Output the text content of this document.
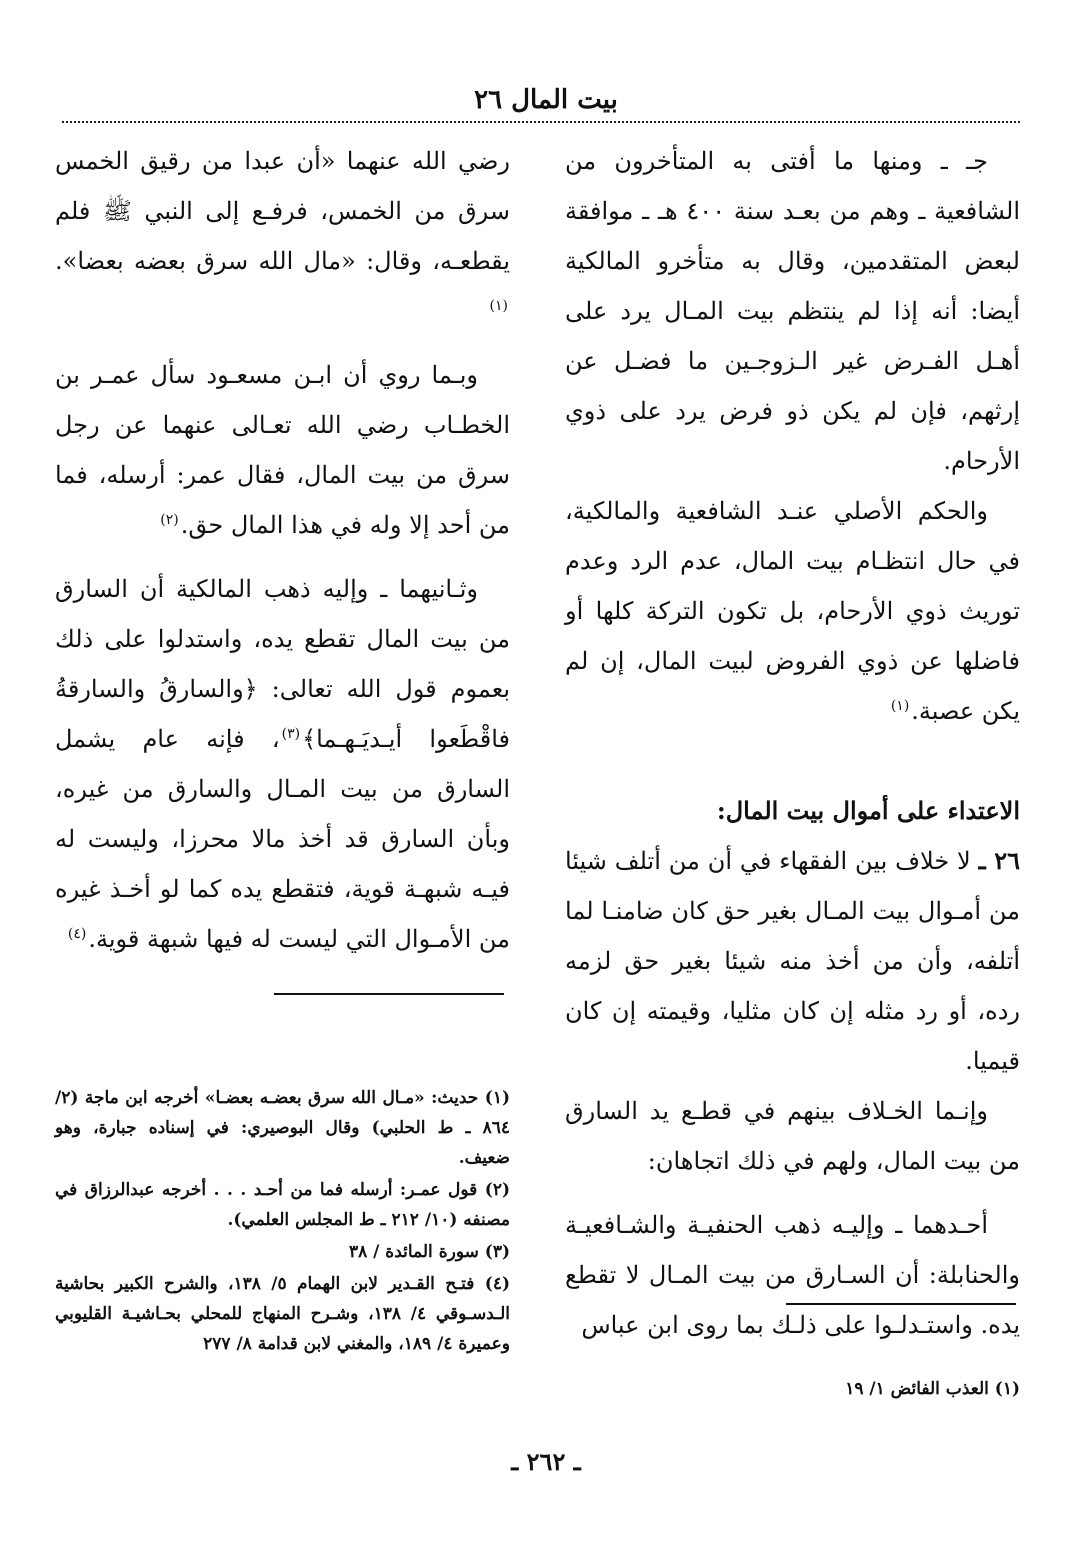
بيت المال ٢٦

جـ ـ ومنها ما أفتى به المتأخرون من الشافعية ـ وهم من بعـد سنة ٤٠٠ هـ ـ موافقة لبعض المتقدمين، وقال به متأخرو المالكية أيضا: أنه إذا لم ينتظم بيت المـال يرد على أهـل الفـرض غير الـزوجـين ما فضـل عن إرثهم، فإن لم يكن ذو فرض يرد على ذوي الأرحام.

والحكم الأصلي عنـد الشافعية والمالكية، في حال انتظـام بيت المال، عدم الرد وعدم توريث ذوي الأرحام، بل تكون التركة كلها أو فاضلها عن ذوي الفروض لبيت المال، إن لم يكن عصبة.$^{(١)}$

الاعتداء على أموال بيت المال:

٢٦ ـ لا خلاف بين الفقهاء في أن من أتلف شيئا من أمـوال بيت المـال بغير حق كان ضامنـا لما أتلفه، وأن من أخذ منه شيئا بغير حق لزمه رده، أو رد مثله إن كان مثليا، وقيمته إن كان قيميا.

وإنـما الخـلاف بينهم في قطـع يد السارق من بيت المال، ولهم في ذلك اتجاهان:

أحـدهما ـ وإليـه ذهب الحنفيـة والشـافعيـة والحنابلة: أن السـارق من بيت المـال لا تقطع يده. واستـدلـوا على ذلـك بما روى ابن عباس

رضي الله عنهما «أن عبدا من رقيق الخمس سرق من الخمس، فرفـع إلى النبي ﷺ فلم يقطعـه، وقال: «مال الله سرق بعضه بعضا».$^{(١)}$

وبـما روي أن ابـن مسعـود سأل عمـر بن الخطـاب رضي الله تعـالى عنهما عن رجل سرق من بيت المال، فقال عمر: أرسله، فما من أحد إلا وله في هذا المال حق.$^{(٢)}$

وثـانيهما ـ وإليه ذهب المالكية أن السارق من بيت المال تقطع يده، واستدلوا على ذلك بعموم قول الله تعالى: ﴿والسارقُ والسارقةُ فاقْطَعوا أيـديَـهـما﴾$^{(٣)}$، فإنه عام يشمل السارق من بيت المـال والسارق من غيره، وبأن السارق قد أخذ مالا محرزا، وليست له فيـه شبهـة قوية، فتقطع يده كما لو أخـذ غيره من الأمـوال التي ليست له فيها شبهة قوية.$^{(٤)}$

(١) حديث: «مـال الله سرق بعضـه بعضـا» أخرجه ابن ماجة (٢/ ٨٦٤ ـ ط الحلبي) وقال البوصيري: في إسناده جبارة، وهو ضعيف.

(٢) قول عمـر: أرسله فما من أحـد . . . أخرجه عبدالرزاق في مصنفه (١٠/ ٢١٢ ـ ط المجلس العلمي).

(٣) سورة المائدة / ٣٨

(٤) فتـح القـدير لابن الهمام ٥/ ١٣٨، والشرح الكبير بحاشية الـدسـوقي ٤/ ١٣٨، وشـرح المنهاج للمحلي بحـاشيـة القليوبي وعميرة ٤/ ١٨٩، والمغني لابن قدامة ٨/ ٢٧٧

(١) العذب الفائض ١/ ١٩

ـ ٢٦٢ ـ
